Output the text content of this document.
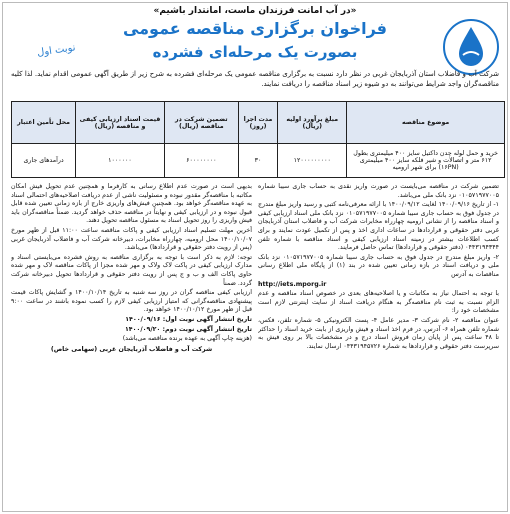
«در آب امانت فرزندان ماست، امانتدار باشیم»
فراخوان برگزاری مناقصه عمومی
بصورت یک مرحله‌ای فشرده
نوبت اول
شرکت آب و فاضلاب استان آذربایجان غربی در نظر دارد نسبت به برگزاری مناقصه عمومی یک مرحله‌ای فشرده به شرح زیر از طریق آگهی عمومی اقدام نماید. لذا کلیه مناقصه‌گران واجد شرایط می‌توانند به دو شیوه زیر اسناد مناقصه را دریافت نمایند.
موضوع مناقصه	مبلغ برآورد اولیه (ریال)	مدت اجرا (روز)	تضمین شرکت در مناقصه (ریال)	قیمت اسناد ارزیابی کیفی و مناقصه (ریال)	محل تأمین اعتبار
خرید و حمل لوله چدن داکتیل سایز ۴۰۰ میلیمتری بطول ۶۱۲ متر و اتصالات و شیر فلکه سایز ۴۰۰ میلیمتری (۱۶PN) برای شهر ارومیه	۱۲۰۰۰۰۰۰۰۰۰	۳۰	۶۰۰۰۰۰۰۰۰	۱۰۰۰۰۰۰	درآمدهای جاری

تضمین شرکت در مناقصه می‌بایست در صورت واریز نقدی به حساب جاری سیبا شماره ۰۱۰۵۷۱۹۷۷۰۰۵ نزد بانک ملی می‌باشد.

۱- از تاریخ ۱۴۰۰/۰۹/۱۶ لغایت ۱۴۰۰/۰۹/۱۲ با ارائه معرفی‌نامه کتبی و رسید واریز مبلغ مندرج در جدول فوق به حساب جاری سیبا شماره ۰۱۰۵۷۱۹۷۷۰۰۵ نزد بانک ملی اسناد ارزیابی کیفی و اسناد مناقصه را از نشانی ارومیه چهارراه مخابرات شرکت آب و فاضلاب استان آذربایجان غربی دفتر حقوقی و قراردادها در ساعات اداری اخذ و پس از تکمیل عودت نمایند و برای کسب اطلاعات بیشتر در زمینه اسناد ارزیابی کیفی و اسناد مناقصه با شماره تلفن ۰۴۴۳۱۹۴۳۴۴ (دفتر حقوقی و قراردادها) تماس حاصل فرمایند.

۲- واریز مبلغ مندرج در جدول فوق به حساب جاری سیبا شماره ۰۱۰۵۷۱۹۷۷۰۰۵ نزد بانک ملی و دریافت اسناد در بازه زمانی تعیین شده در بند (۱) از پایگاه ملی اطلاع رسانی مناقصات به آدرس

http://iets.mporg.ir

با توجه به احتمال نیاز به مکاتبات و یا اصلاحیه‌های بعدی در خصوص اسناد مناقصه و عدم الزام نسبت به ثبت نام مناقصه‌گر به هنگام دریافت اسناد از سایت اینترنتی لازم است مشخصات خود را:

عنوان مناقصه ۲- نام شرکت ۳- مدیر عامل ۴- پست الکترونیکی ۵- شماره تلفن، فکس، شماره تلفن همراه ۶- آدرس، در فرم اخذ اسناد و فیش واریزی از بابت خرید اسناد را حداکثر تا ۴۸ ساعت پس از پایان زمان فروش اسناد درج و در مشخصات بالا بر روی فیش به سرپرست دفتر حقوقی و قراردادها به شماره ۰۴۴۳۱۹۴۵۷۲۶ ارسال نمایند.

بدیهی است در صورت عدم اطلاع رسانی به کارفرما و همچنین عدم تحویل فیش امکان مکاتبه با مناقصه‌گر مقدور نبوده و مسئولیت ناشی از عدم دریافت اصلاحیه‌های احتمالی اسناد به عهده مناقصه‌گر خواهد بود. همچنین فیش‌های واریزی خارج از بازه زمانی تعیین شده قابل قبول نبوده و در ارزیابی کیفی و نهایتاً در مناقصه حذف خواهد گردید. ضمناً مناقصه‌گران باید فیش واریزی را روز تحویل اسناد به مسئول مناقصه تحویل دهند.

آخرین مهلت تسلیم اسناد ارزیابی کیفی و پاکات مناقصه ساعت ۱۱:۰۰ قبل از ظهر مورخ ۱۴۰۰/۱۰/۰۷ محل ارومیه، چهارراه مخابرات، دبیرخانه شرکت آب و فاضلاب آذربایجان غربی (پس از رویت دفتر حقوقی و قراردادها) می‌باشد.

توجه: لازم به ذکر است با توجه به برگزاری مناقصه به روش فشرده می‌بایستی اسناد و مدارک ارزیابی کیفی در پاکت لاک ولاک و مهر شده مجزا از پاکات مناقصه لاک و مهر شده حاوی پاکات الف و ب و ج پس از رویت دفتر حقوقی و قراردادها تحویل دبیرخانه شرکت گردد. ضمناً

ارزیابی کیفی مناقصه گران در روز سه شنبه به تاریخ ۱۴۰۰/۱۰/۱۴ و گشایش پاکات قیمت پیشنهادی مناقصه‌گرانی که امتیاز ارزیابی کیفی لازم را کسب نموده باشند در ساعت ۹:۰۰ قبل از ظهر مورخ ۱۴۰۰/۱۰/۱۲ خواهد بود.

تاریخ انتشار آگهی نوبت اول: ۱۴۰۰/۰۹/۱۶

تاریخ انتشار آگهی نوبت دوم: ۱۴۰۰/۰۹/۲۰

(هزینه چاپ آگهی به عهده برنده مناقصه می‌باشد)

شرکت آب و فاضلاب آذربایجان غربی (سهامی خاص)
